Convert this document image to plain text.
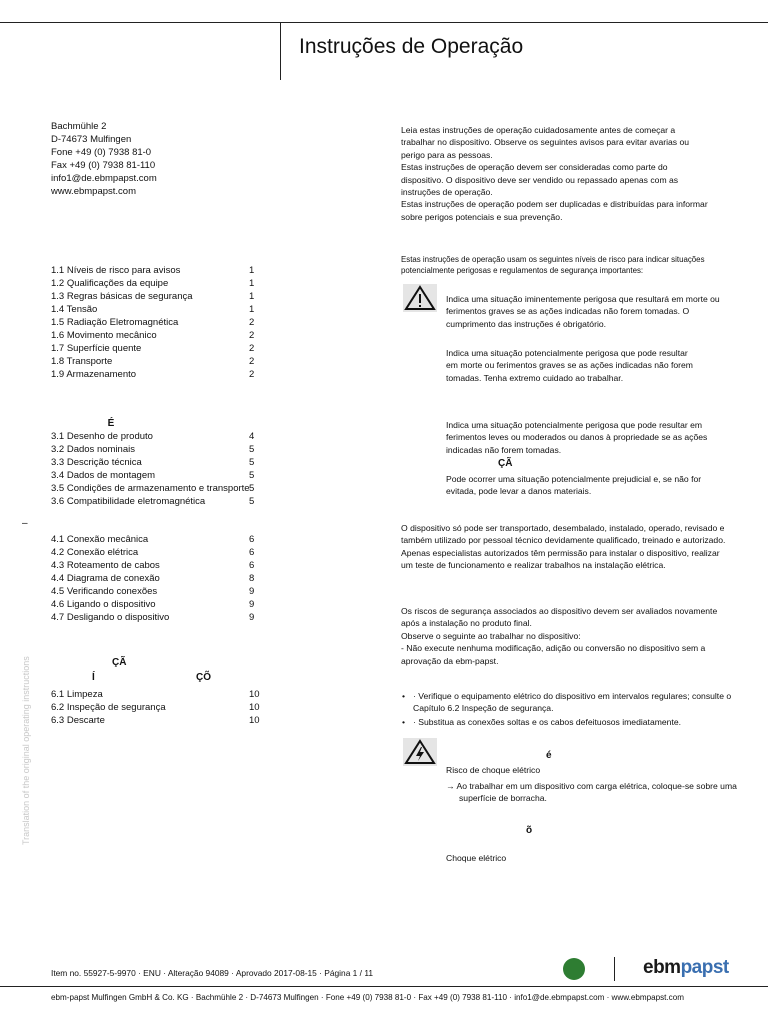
Instruções de Operação
Bachmühle 2
D-74673 Mulfingen
Fone +49 (0) 7938 81-0
Fax +49 (0) 7938 81-110
info1@de.ebmpapst.com
www.ebmpapst.com
1.1 Níveis de risco para avisos	1
1.2 Qualificações da equipe	1
1.3 Regras básicas de segurança	1
1.4 Tensão	1
1.5 Radiação Eletromagnética	2
1.6 Movimento mecânico	2
1.7 Superfície quente	2
1.8 Transporte	2
1.9 Armazenamento	2
É
3.1 Desenho de produto	4
3.2 Dados nominais	5
3.3 Descrição técnica	5
3.4 Dados de montagem	5
3.5 Condições de armazenamento e transporte 5
3.6 Compatibilidade eletromagnética	5
–
4.1 Conexão mecânica	6
4.2 Conexão elétrica	6
4.3 Roteamento de cabos	6
4.4 Diagrama de conexão	8
4.5 Verificando conexões	9
4.6 Ligando o dispositivo	9
4.7 Desligando o dispositivo	9
ÇÃ
Í	ÇÕ
6.1 Limpeza	10
6.2 Inspeção de segurança	10
6.3 Descarte	10
Translation of the original operating instructions
Leia estas instruções de operação cuidadosamente antes de começar a trabalhar no dispositivo. Observe os seguintes avisos para evitar avarias ou perigo para as pessoas.
Estas instruções de operação devem ser consideradas como parte do dispositivo. O dispositivo deve ser vendido ou repassado apenas com as instruções de operação.
Estas instruções de operação podem ser duplicadas e distribuídas para informar sobre perigos potenciais e sua prevenção.
Estas instruções de operação usam os seguintes níveis de risco para indicar situações potencialmente perigosas e regulamentos de segurança importantes:
Indica uma situação iminentemente perigosa que resultará em morte ou ferimentos graves se as ações indicadas não forem tomadas. O cumprimento das instruções é obrigatório.
Indica uma situação potencialmente perigosa que pode resultar em morte ou ferimentos graves se as ações indicadas não forem tomadas. Tenha extremo cuidado ao trabalhar.
Indica uma situação potencialmente perigosa que pode resultar em ferimentos leves ou moderados ou danos à propriedade se as ações indicadas não forem tomadas.
ÇÃ
Pode ocorrer uma situação potencialmente prejudicial e, se não for evitada, pode levar a danos materiais.
O dispositivo só pode ser transportado, desembalado, instalado, operado, revisado e também utilizado por pessoal técnico devidamente qualificado, treinado e autorizado. Apenas especialistas autorizados têm permissão para instalar o dispositivo, realizar um teste de funcionamento e realizar trabalhos na instalação elétrica.
Os riscos de segurança associados ao dispositivo devem ser avaliados novamente após a instalação no produto final.
Observe o seguinte ao trabalhar no dispositivo:
- Não execute nenhuma modificação, adição ou conversão no dispositivo sem a aprovação da ebm-papst.
• · Verifique o equipamento elétrico do dispositivo em intervalos regulares; consulte o Capítulo 6.2 Inspeção de segurança.
• · Substitua as conexões soltas e os cabos defeituosos imediatamente.
é
Risco de choque elétrico
→ Ao trabalhar em um dispositivo com carga elétrica, coloque-se sobre uma superfície de borracha.
õ
Choque elétrico
Item no. 55927-5-9970 · ENU · Alteração 94089 · Aprovado 2017-08-15 · Página 1 / 11	ebmpapst
ebm-papst Mulfingen GmbH & Co. KG · Bachmühle 2 · D-74673 Mulfingen · Fone +49 (0) 7938 81-0 · Fax +49 (0) 7938 81-110 · info1@de.ebmpapst.com · www.ebmpapst.com
